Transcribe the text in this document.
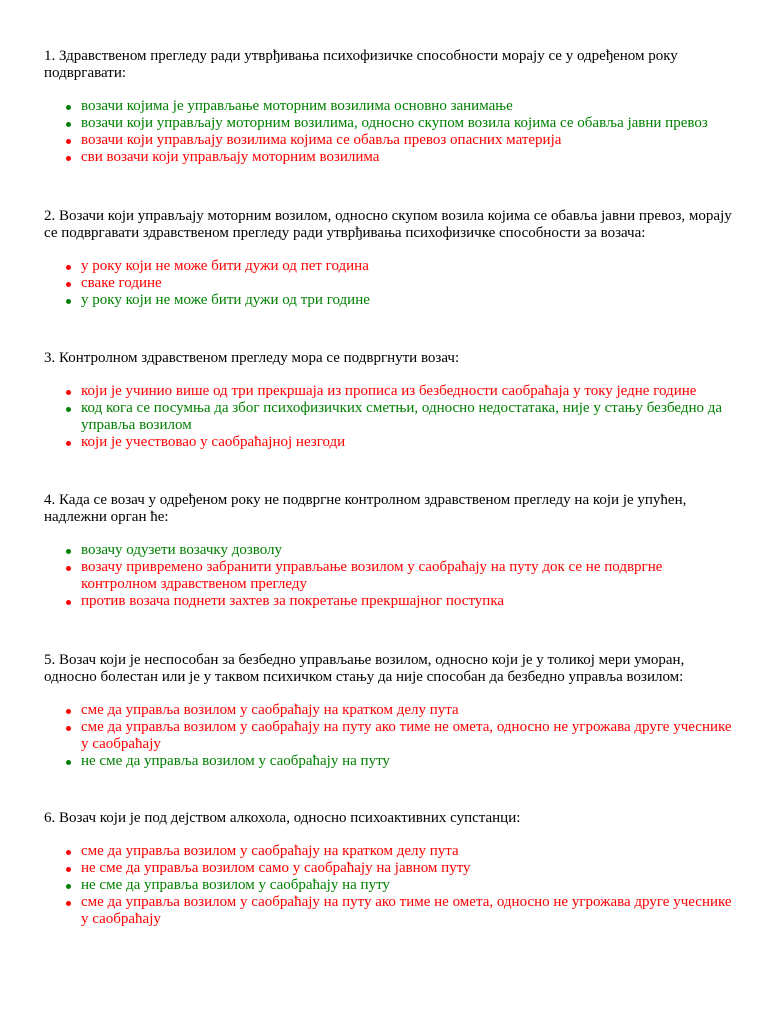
1. Здравственом прегледу ради утврђивања психофизичке способности морају се у одређеном року подвргавати:

возачи којима је управљање моторним возилима основно занимање
возачи који управљају моторним возилима, односно скупом возила којима се обавља јавни превоз
возачи који управљају возилима којима се обавља превоз опасних материја
сви возачи који управљају моторним возилима

2. Возачи који управљају моторним возилом, односно скупом возила којима се обавља јавни превоз, морају се подвргавати здравственом прегледу ради утврђивања психофизичке способности за возача:

у року који не може бити дужи од пет година
сваке године
у року који не може бити дужи од три године

3. Контролном здравственом прегледу мора се подвргнути возач:

који је учинио више од три прекршаја из прописа из безбедности саобраћаја у току једне године
код кога се посумња да због психофизичких сметњи, односно недостатака, није у стању безбедно да управља возилом
који је учествовао у саобраћајној незгоди

4. Када се возач у одређеном року не подвргне контролном здравственом прегледу на који је упућен, надлежни орган ће:

возачу одузети возачку дозволу
возачу привремено забранити управљање возилом у саобраћају на путу док се не подвргне контролном здравственом прегледу
против возача поднети захтев за покретање прекршајног поступка

5. Возач који је неспособан за безбедно управљање возилом, односно који је у толикој мери уморан, односно болестан или је у таквом психичком стању да није способан да безбедно управља возилом:

сме да управља возилом у саобраћају на кратком делу пута
сме да управља возилом у саобраћају на путу ако тиме не омета, односно не угрожава друге учеснике у саобраћају
не сме да управља возилом у саобраћају на путу

6. Возач који је под дејством алкохола, односно психоактивних супстанци:

сме да управља возилом у саобраћају на кратком делу пута
не сме да управља возилом само у саобраћају на јавном путу
не сме да управља возилом у саобраћају на путу
сме да управља возилом у саобраћају на путу ако тиме не омета, односно не угрожава друге учеснике у саобраћају
